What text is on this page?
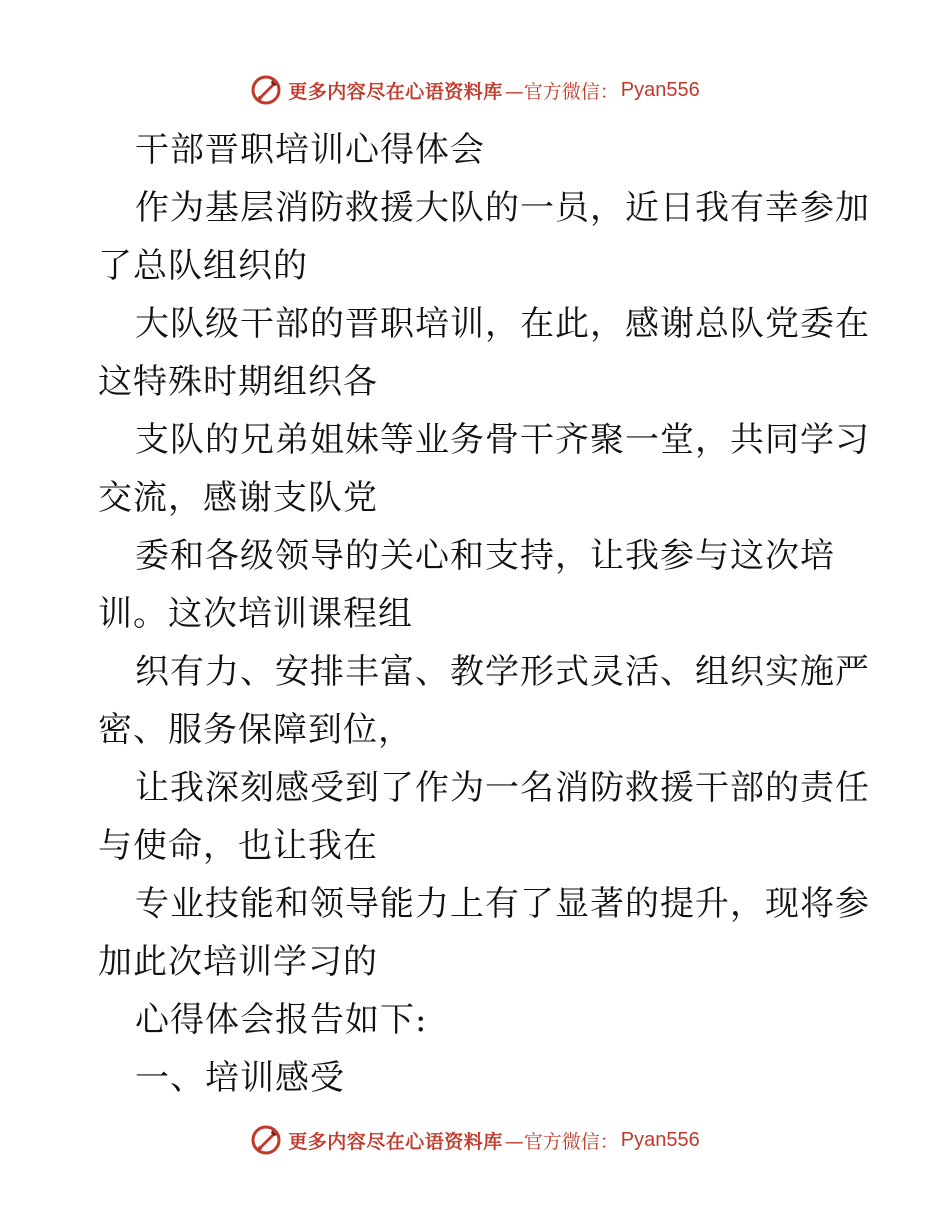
更多内容尽在心语资料库 —官方微信： Pyan556
干部晋职培训心得体会
作为基层消防救援大队的一员，近日我有幸参加
了总队组织的
大队级干部的晋职培训，在此，感谢总队党委在
这特殊时期组织各
支队的兄弟姐妹等业务骨干齐聚一堂，共同学习
交流，感谢支队党
委和各级领导的关心和支持，让我参与这次培
训。这次培训课程组
织有力、安排丰富、教学形式灵活、组织实施严
密、服务保障到位，
让我深刻感受到了作为一名消防救援干部的责任
与使命，也让我在
专业技能和领导能力上有了显著的提升，现将参
加此次培训学习的
心得体会报告如下:
一、培训感受
更多内容尽在心语资料库 —官方微信： Pyan556
